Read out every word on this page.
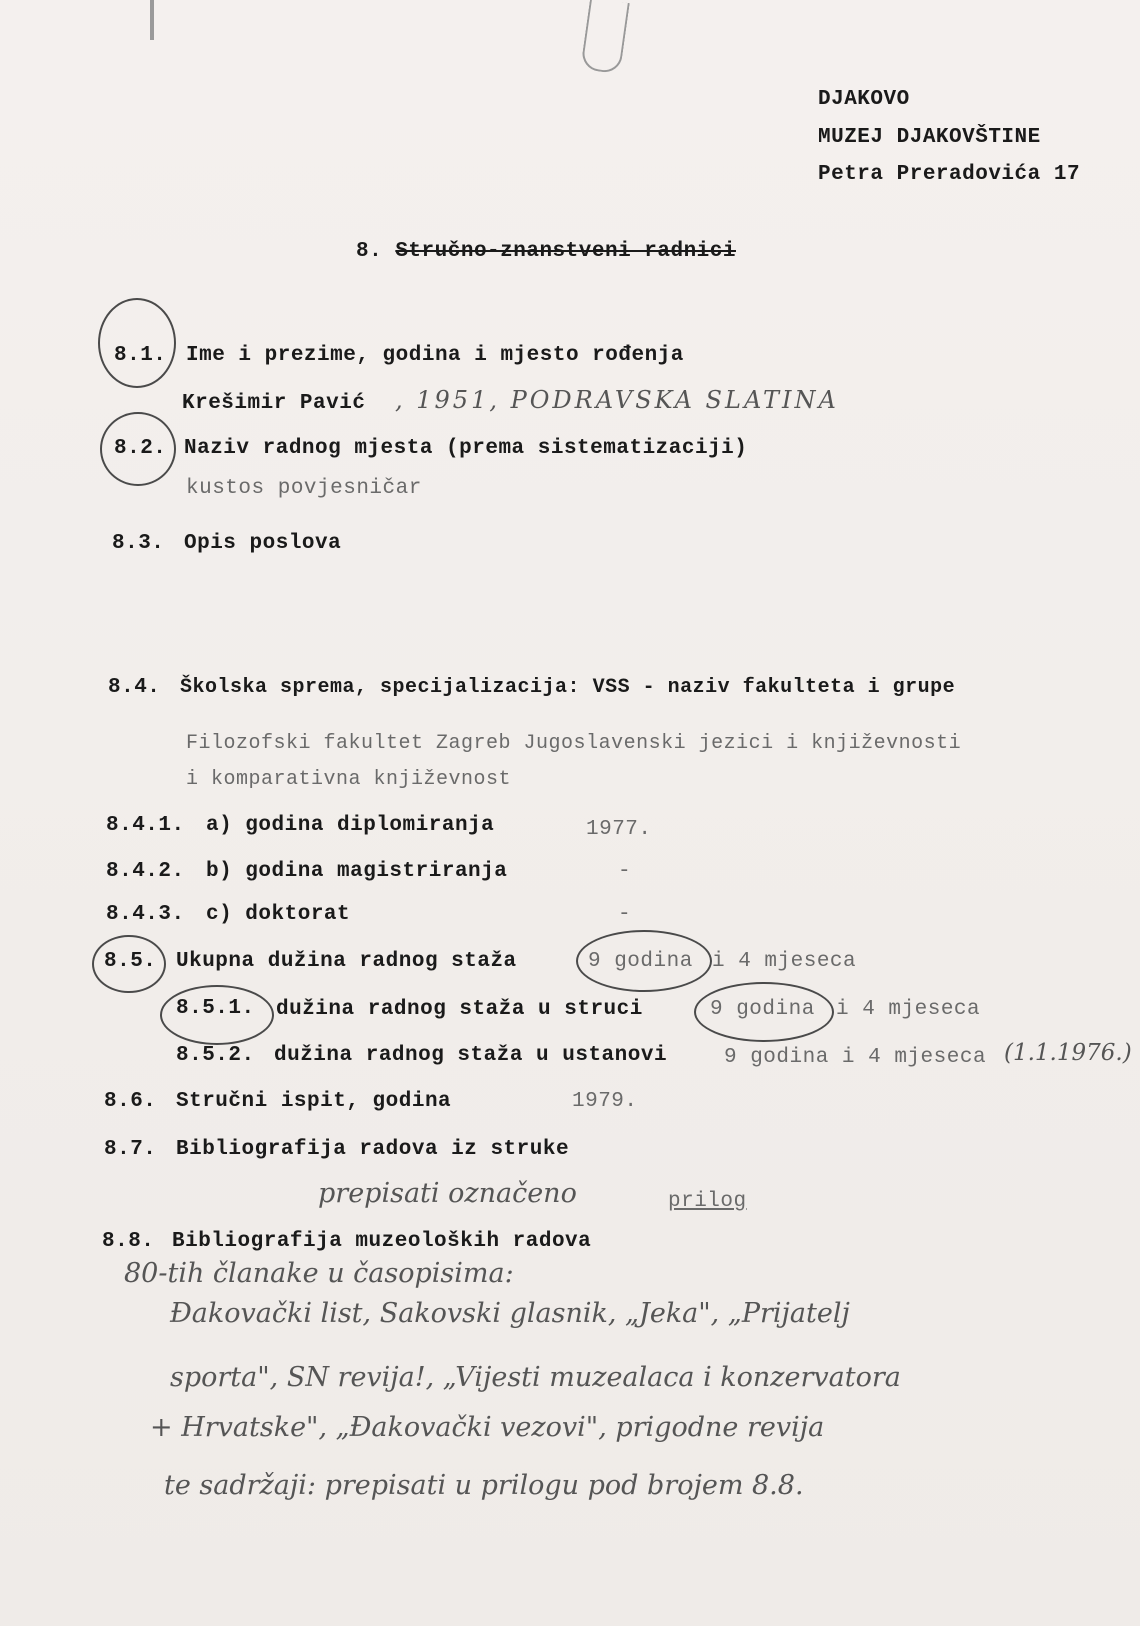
DJAKOVO
MUZEJ DJAKOVŠTINE
Petra Preradovića 17
8. Stručno-znanstveni radnici
8.1. Ime i prezime, godina i mjesto rođenja
Krešimir Pavić , 1951, PODRAVSKA SLATINA
8.2. Naziv radnog mjesta (prema sistematizaciji)
kustos povjesničar
8.3. Opis poslova
8.4. Školska sprema, specijalizacija: VSS - naziv fakulteta i grupe
Filozofski fakultet Zagreb Jugoslavenski jezici i književnosti
i komparativna književnost
8.4.1. a) godina diplomiranja	1977.
8.4.2. b) godina magistriranja	-
8.4.3. c) doktorat	-
8.5. Ukupna dužina radnog staža	9 godina i 4 mjeseca
8.5.1. dužina radnog staža u struci	9 godina i 4 mjeseca
8.5.2. dužina radnog staža u ustanovi	9 godina i 4 mjeseca (1.1.1976.)
8.6. Stručni ispit, godina	1979.
8.7. Bibliografija radova iz struke
prepisati označeno	prilog
8.8. Bibliografija muzeoloških radova
80-tih članake u časopisima:
Đakovački list, Sakovski glasnik, „Jeka", „Prijatelj
sporta", SN revija!, „Vijesti muzealaca i konzervatora
+ Hrvatske", „Đakovački vezovi", prigodne revija
te sadržaji: prepisati u prilogu pod brojem 8.8.
